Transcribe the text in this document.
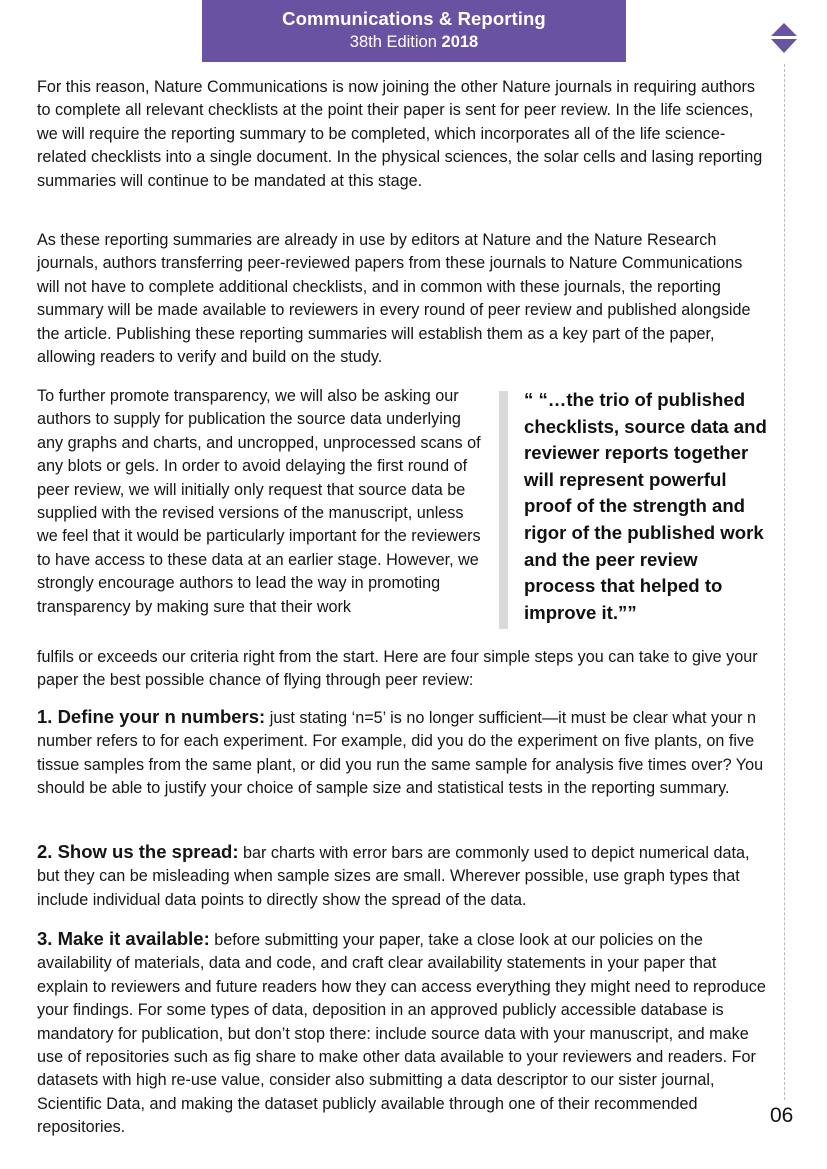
Communications & Reporting
38th Edition 2018
For this reason, Nature Communications is now joining the other Nature journals in requiring authors to complete all relevant checklists at the point their paper is sent for peer review. In the life sciences, we will require the reporting summary to be completed, which incorporates all of the life science-related checklists into a single document. In the physical sciences, the solar cells and lasing reporting summaries will continue to be mandated at this stage.
As these reporting summaries are already in use by editors at Nature and the Nature Research journals, authors transferring peer-reviewed papers from these journals to Nature Communications will not have to complete additional checklists, and in common with these journals, the reporting summary will be made available to reviewers in every round of peer review and published alongside the article. Publishing these reporting summaries will establish them as a key part of the paper, allowing readers to verify and build on the study.
To further promote transparency, we will also be asking our authors to supply for publication the source data underlying any graphs and charts, and uncropped, unprocessed scans of any blots or gels. In order to avoid delaying the first round of peer review, we will initially only request that source data be supplied with the revised versions of the manuscript, unless we feel that it would be particularly important for the reviewers to have access to these data at an earlier stage. However, we strongly encourage authors to lead the way in promoting transparency by making sure that their work
“ “…the trio of published checklists, source data and reviewer reports together will represent powerful proof of the strength and rigor of the published work and the peer review process that helped to improve it.””
fulfils or exceeds our criteria right from the start. Here are four simple steps you can take to give your paper the best possible chance of flying through peer review:
1. Define your n numbers: just stating ‘n=5’ is no longer sufficient—it must be clear what your n number refers to for each experiment. For example, did you do the experiment on five plants, on five tissue samples from the same plant, or did you run the same sample for analysis five times over? You should be able to justify your choice of sample size and statistical tests in the reporting summary.
2. Show us the spread: bar charts with error bars are commonly used to depict numerical data, but they can be misleading when sample sizes are small. Wherever possible, use graph types that include individual data points to directly show the spread of the data.
3. Make it available: before submitting your paper, take a close look at our policies on the availability of materials, data and code, and craft clear availability statements in your paper that explain to reviewers and future readers how they can access everything they might need to reproduce your findings. For some types of data, deposition in an approved publicly accessible database is mandatory for publication, but don’t stop there: include source data with your manuscript, and make use of repositories such as fig share to make other data available to your reviewers and readers. For datasets with high re-use value, consider also submitting a data descriptor to our sister journal, Scientific Data, and making the dataset publicly available through one of their recommended repositories.
06
